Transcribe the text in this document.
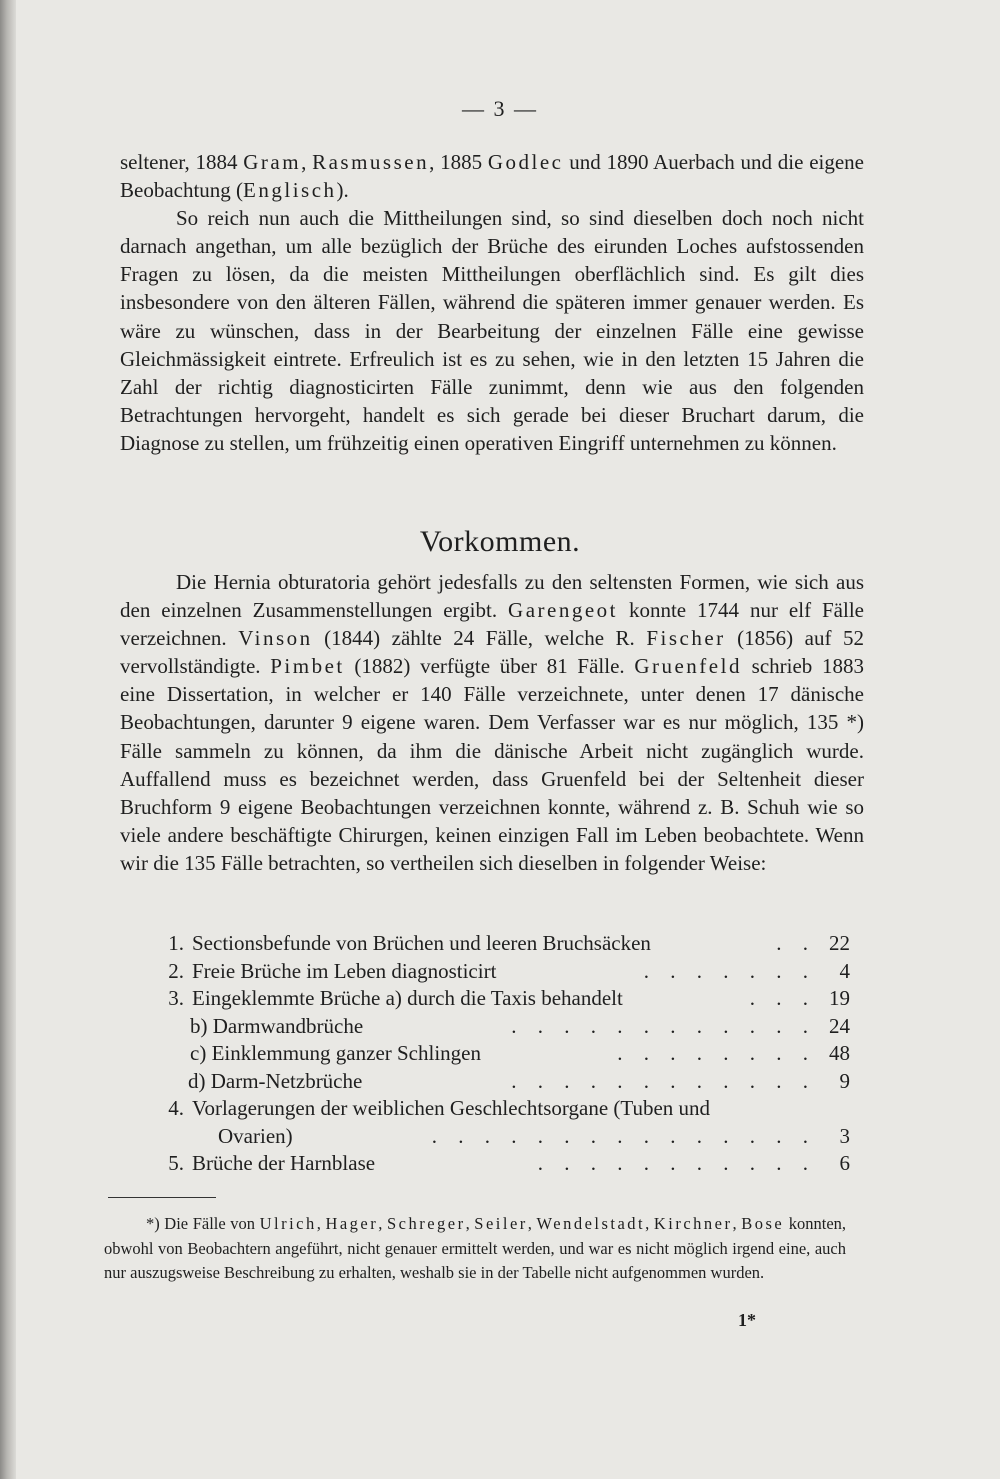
— 3 —

seltener, 1884 Gram, Rasmussen, 1885 Godlec und 1890 Auerbach und die eigene Beobachtung (Englisch).

So reich nun auch die Mittheilungen sind, so sind dieselben doch noch nicht darnach angethan, um alle bezüglich der Brüche des eirunden Loches aufstossenden Fragen zu lösen, da die meisten Mittheilungen oberflächlich sind. Es gilt dies insbesondere von den älteren Fällen, während die späteren immer genauer werden. Es wäre zu wünschen, dass in der Bearbeitung der einzelnen Fälle eine gewisse Gleichmässigkeit eintrete. Erfreulich ist es zu sehen, wie in den letzten 15 Jahren die Zahl der richtig diagnosticirten Fälle zunimmt, denn wie aus den folgenden Betrachtungen hervorgeht, handelt es sich gerade bei dieser Bruchart darum, die Diagnose zu stellen, um frühzeitig einen operativen Eingriff unternehmen zu können.

Vorkommen.

Die Hernia obturatoria gehört jedesfalls zu den seltensten Formen, wie sich aus den einzelnen Zusammenstellungen ergibt. Garengeot konnte 1744 nur elf Fälle verzeichnen. Vinson (1844) zählte 24 Fälle, welche R. Fischer (1856) auf 52 vervollständigte. Pimbet (1882) verfügte über 81 Fälle. Gruenfeld schrieb 1883 eine Dissertation, in welcher er 140 Fälle verzeichnete, unter denen 17 dänische Beobachtungen, darunter 9 eigene waren. Dem Verfasser war es nur möglich, 135 *) Fälle sammeln zu können, da ihm die dänische Arbeit nicht zugänglich wurde. Auffallend muss es bezeichnet werden, dass Gruenfeld bei der Seltenheit dieser Bruchform 9 eigene Beobachtungen verzeichnen konnte, während z. B. Schuh wie so viele andere beschäftigte Chirurgen, keinen einzigen Fall im Leben beobachtete. Wenn wir die 135 Fälle betrachten, so vertheilen sich dieselben in folgender Weise:

1. Sectionsbefunde von Brüchen und leeren Bruchsäcken	. . 22
2. Freie Brüche im Leben diagnosticirt	. . . . . . .	4
3. Eingeklemmte Brüche a) durch die Taxis behandelt	. . . 19
b) Darmwandbrüche	. . . . . . . . . . . . 24
c) Einklemmung ganzer Schlingen	. . . . . . . . 48
d) Darm-Netzbrüche	. . . . . . . . . . . .	9
4. Vorlagerungen der weiblichen Geschlechtsorgane (Tuben und
Ovarien)	. . . . . . . . . . . . . . .	3
5. Brüche der Harnblase	. . . . . . . . . . .	6

*) Die Fälle von Ulrich, Hager, Schreger, Seiler, Wendelstadt, Kirchner, Bose konnten, obwohl von Beobachtern angeführt, nicht genauer ermittelt werden, und war es nicht möglich irgend eine, auch nur auszugsweise Beschreibung zu erhalten, weshalb sie in der Tabelle nicht aufgenommen wurden.

1*
